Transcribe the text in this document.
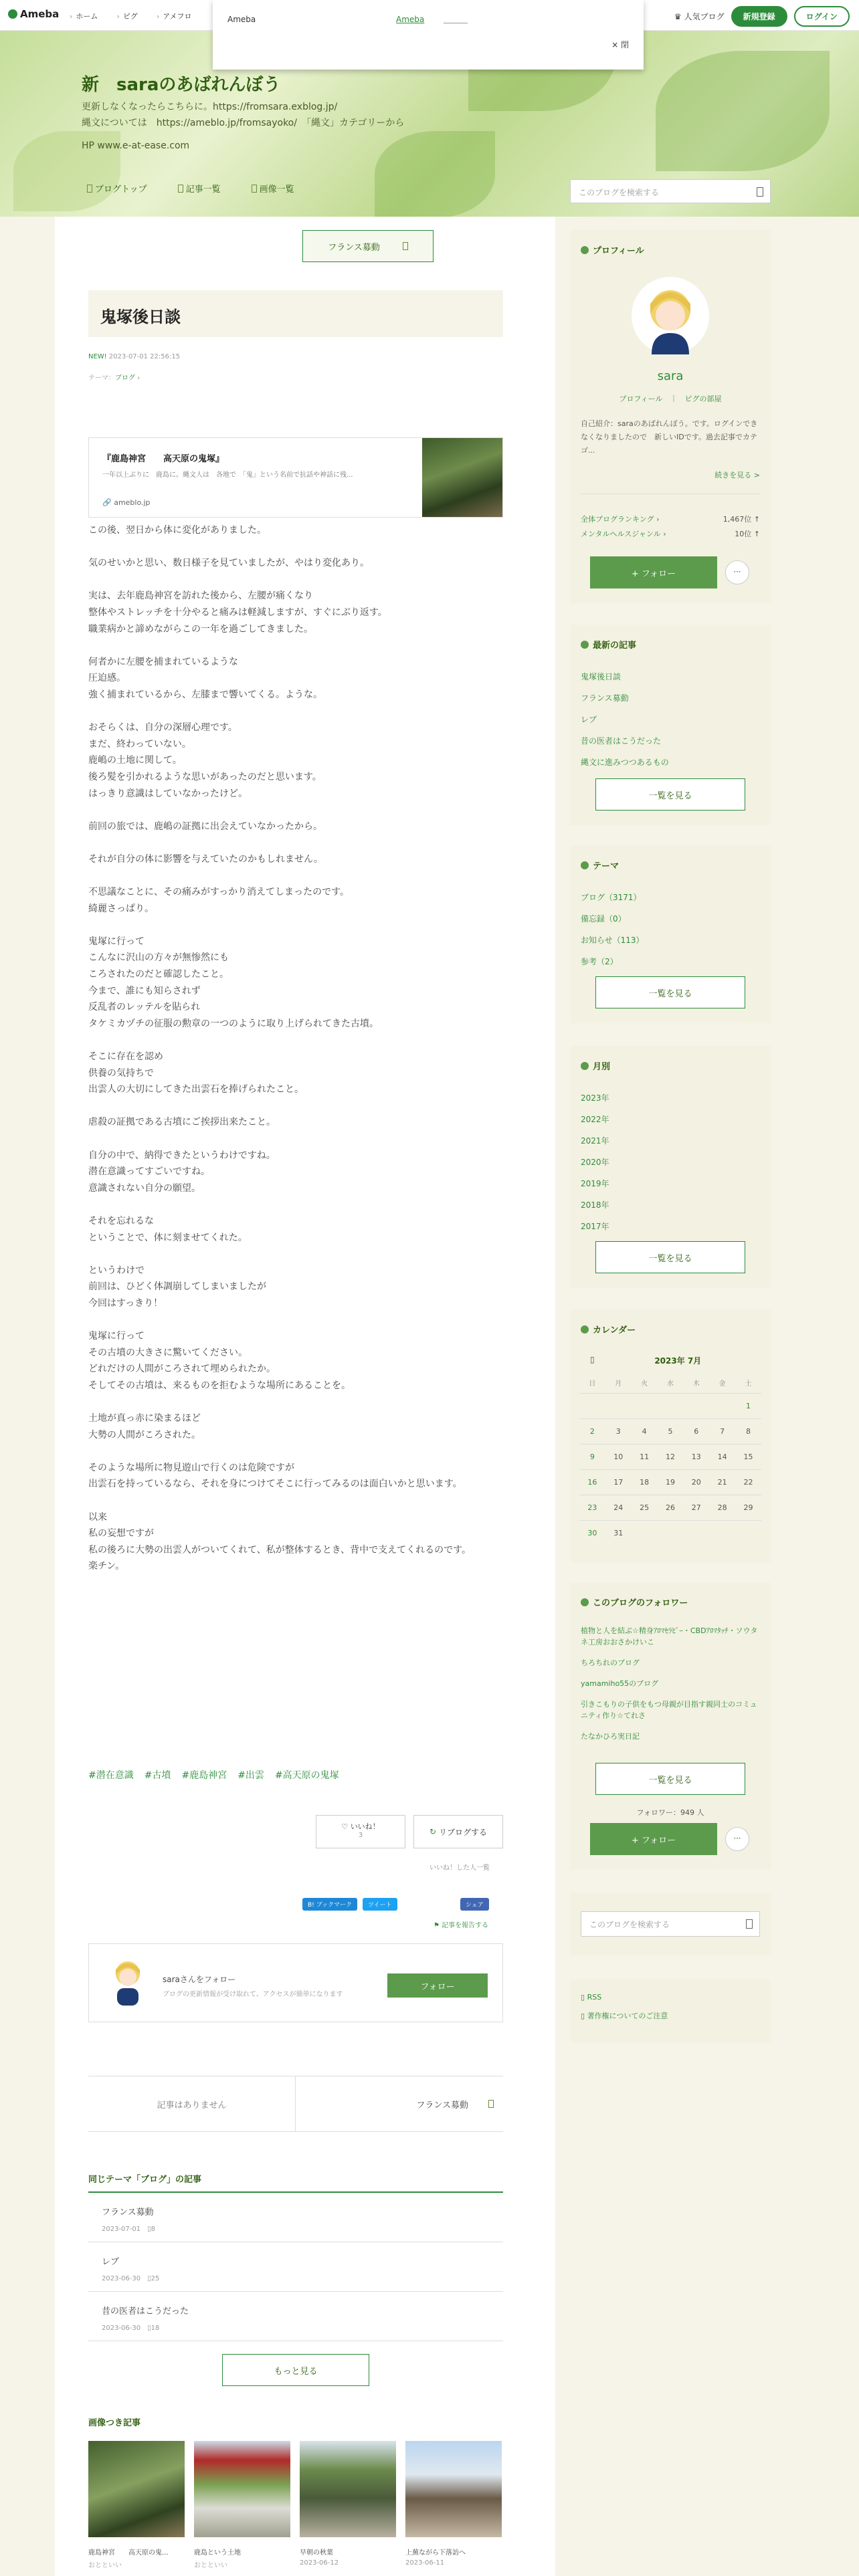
Ameba	› ホーム	› ピグ	› アメフロ	♛ 人気ブログ	新規登録	ログイン
新　saraのあばれんぼう
更新しなくなったらこちらに。https://fromsara.exblog.jp/
縄文については　https://ameblo.jp/fromsayoko/　「縄文」カテゴリーから
HP www.e-at-ease.com
ブログトップ	記事一覧	画像一覧	このブログを検索する
Ameba	Ameba
× 閉
フランス募動
鬼塚後日談
NEW! 2023-07-01 22:56:15
テーマ：ブログ ›
『鹿島神宮　　高天原の鬼塚』
一年以上ぶりに　鹿島に。縄文人は　各地で　「鬼」という名前で抗話や神話に残...
🔗 ameblo.jp
この後、翌日から体に変化がありました。
気のせいかと思い、数日様子を見ていましたが、やはり変化あり。
実は、去年鹿島神宮を訪れた後から、左腰が痛くなり
整体やストレッチを十分やると痛みは軽減しますが、すぐにぶり返す。
職業病かと諦めながらこの一年を過ごしてきました。
何者かに左腰を捕まれているような
圧迫感。
強く捕まれているから、左膝まで響いてくる。ような。
おそらくは、自分の深層心理です。
まだ、終わっていない。
鹿嶋の土地に関して。
後ろ髪を引かれるような思いがあったのだと思います。
はっきり意識はしていなかったけど。
前回の旅では、鹿嶋の証拠に出会えていなかったから。
それが自分の体に影響を与えていたのかもしれません。
不思議なことに、その痛みがすっかり消えてしまったのです。
綺麗さっぱり。
鬼塚に行って
こんなに沢山の方々が無惨然にも
ころされたのだと確認したこと。
今まで、誰にも知らされず
反乱者のレッテルを貼られ
タケミカヅチの征服の勲章の一つのように取り上げられてきた古墳。
そこに存在を認め
供養の気持ちで
出雲人の大切にしてきた出雲石を捧げられたこと。
虐殺の証拠である古墳にご挨拶出来たこと。
自分の中で、納得できたというわけですね。
潜在意識ってすごいですね。
意識されない自分の願望。
それを忘れるな
ということで、体に刻ませてくれた。
というわけで
前回は、ひどく体調崩してしまいましたが
今回はすっきり！
鬼塚に行って
その古墳の大きさに驚いてください。
どれだけの人間がころされて埋められたか。
そしてその古墳は、来るものを拒むような場所にあることを。
土地が真っ赤に染まるほど
大勢の人間がころされた。
そのような場所に物見遊山で行くのは危険ですが
出雲石を持っているなら、それを身につけてそこに行ってみるのは面白いかと思います。
以来
私の妄想ですが
私の後ろに大勢の出雲人がついてくれて、私が整体するとき、背中で支えてくれるのです。
楽チン。
#潜在意識 #古墳 #鹿島神宮 #出雲 #高天原の鬼塚
♡ いいね！
3	↻ リブログする
いいね！した人一覧
B! ブックマーク	ツイート	シェア
⚑ 記事を報告する
saraさんをフォロー
ブログの更新情報が受け取れて、アクセスが簡単になります
フォロー
記事はありません	フランス募動
同じテーマ「ブログ」の記事
フランス募動
2023-07-01　 ▯8
レブ
2023-06-30　 ▯25
昔の医者はこうだった
2023-06-30　 ▯18
もっと見る
画像つき記事
鹿島神宮　　高天原の鬼...
おとといい
鹿島という土地
おとといい
早朝の秋葉
2023-06-12
上蕪ながら下落訪へ
2023-06-11
プロフィール
sara
プロフィール　｜　ピグの部屋
自己紹介：saraのあばれんぼう。です。ログインできなくなりましたので　新しいIDです。過去記事でカテゴ...
続きを見る >
全体ブログランキング ›	1,467位 ↑
メンタルヘルスジャンル ›	10位 ↑
+ フォロー	···
最新の記事
鬼塚後日談
フランス募動
レブ
昔の医者はこうだった
縄文に進みつつあるもの
一覧を見る
テーマ
ブログ（3171）
備忘録（0）
お知らせ（113）
参考（2）
一覧を見る
月別
2023年
2022年
2021年
2020年
2019年
2018年
2017年
一覧を見る
カレンダー
▯	2023年 7月
日	月	火	水	木	金	土
						1
2	3	4	5	6	7	8
9	10	11	12	13	14	15
16	17	18	19	20	21	22
23	24	25	26	27	28	29
30	31					
このブログのフォロワー
植物と人を結ぶ☆精身ｱﾛﾏｾﾗﾋﾟｰ・CBDｱﾛﾏﾀｯﾁ・ソウタネ工房おおさかけいこ
ちろちれのブログ
yamamiho55のブログ
引きこもりの子供をもつ母親が目指す親同士のコミュニティ作り☆てれさ
たなかひろ実日記
一覧を見る
フォロワー：949 人
+ フォロー	···
このブログを検索する
▯ RSS
▯ 著作権についてのご注意
